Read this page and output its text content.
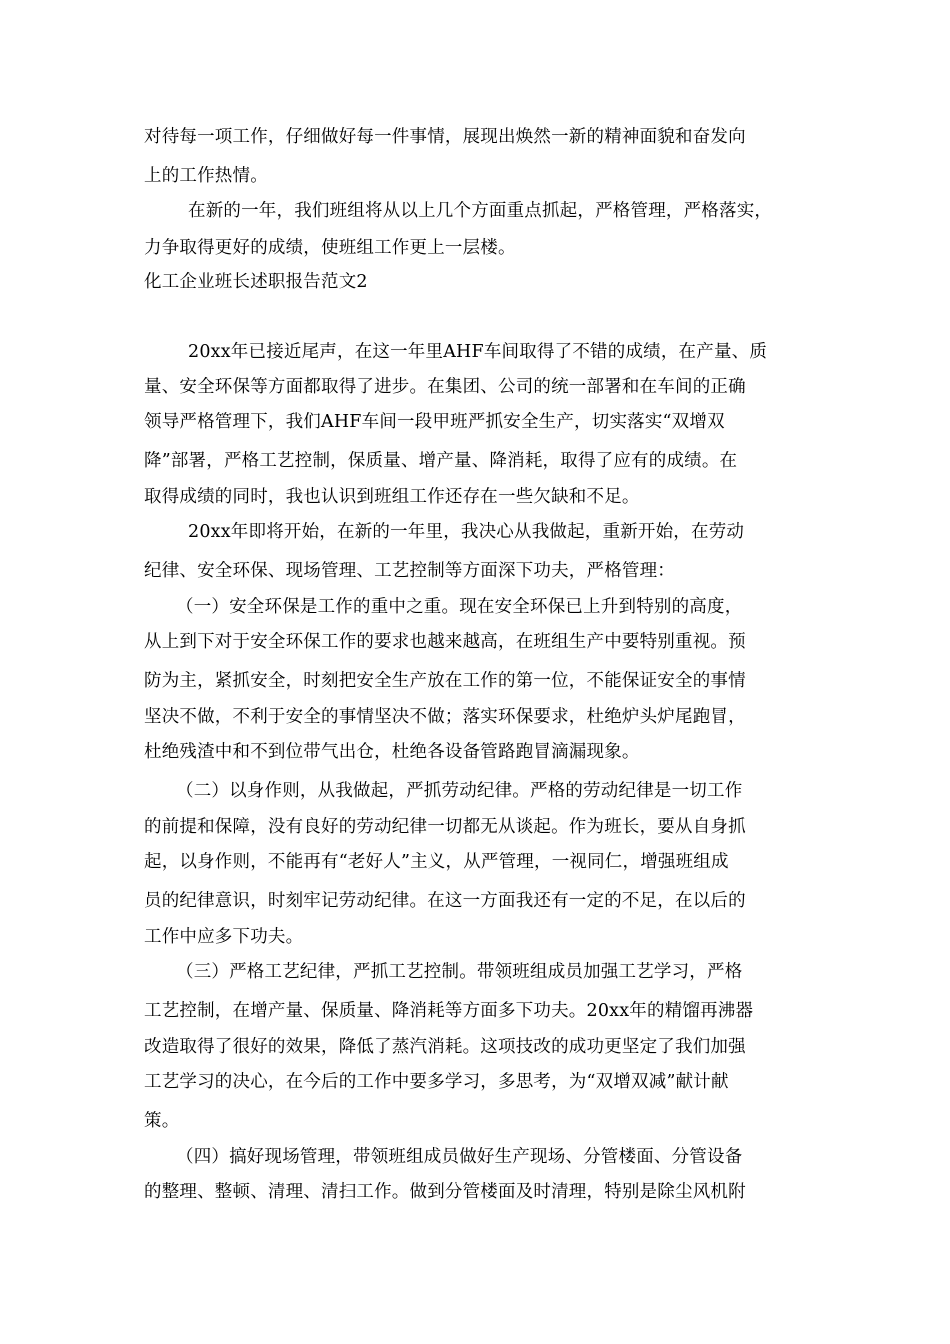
对待每一项工作，仔细做好每一件事情，展现出焕然一新的精神面貌和奋发向
上的工作热情。
在新的一年，我们班组将从以上几个方面重点抓起，严格管理，严格落实，
力争取得更好的成绩，使班组工作更上一层楼。
化工企业班长述职报告范文2
20xx年已接近尾声，在这一年里AHF车间取得了不错的成绩，在产量、质
量、安全环保等方面都取得了进步。在集团、公司的统一部署和在车间的正确
领导严格管理下，我们AHF车间一段甲班严抓安全生产，切实落实“双增双
降”部署，严格工艺控制，保质量、增产量、降消耗，取得了应有的成绩。在
取得成绩的同时，我也认识到班组工作还存在一些欠缺和不足。
20xx年即将开始，在新的一年里，我决心从我做起，重新开始，在劳动
纪律、安全环保、现场管理、工艺控制等方面深下功夫，严格管理：
（一）安全环保是工作的重中之重。现在安全环保已上升到特别的高度，
从上到下对于安全环保工作的要求也越来越高，在班组生产中要特别重视。预
防为主，紧抓安全，时刻把安全生产放在工作的第一位，不能保证安全的事情
坚决不做，不利于安全的事情坚决不做；落实环保要求，杜绝炉头炉尾跑冒，
杜绝残渣中和不到位带气出仓，杜绝各设备管路跑冒滴漏现象。
（二）以身作则，从我做起，严抓劳动纪律。严格的劳动纪律是一切工作
的前提和保障，没有良好的劳动纪律一切都无从谈起。作为班长，要从自身抓
起，以身作则，不能再有“老好人”主义，从严管理，一视同仁，增强班组成
员的纪律意识，时刻牢记劳动纪律。在这一方面我还有一定的不足，在以后的
工作中应多下功夫。
（三）严格工艺纪律，严抓工艺控制。带领班组成员加强工艺学习，严格
工艺控制，在增产量、保质量、降消耗等方面多下功夫。20xx年的精馏再沸器
改造取得了很好的效果，降低了蒸汽消耗。这项技改的成功更坚定了我们加强
工艺学习的决心，在今后的工作中要多学习，多思考，为“双增双减”献计献
策。
（四）搞好现场管理，带领班组成员做好生产现场、分管楼面、分管设备
的整理、整顿、清理、清扫工作。做到分管楼面及时清理，特别是除尘风机附
